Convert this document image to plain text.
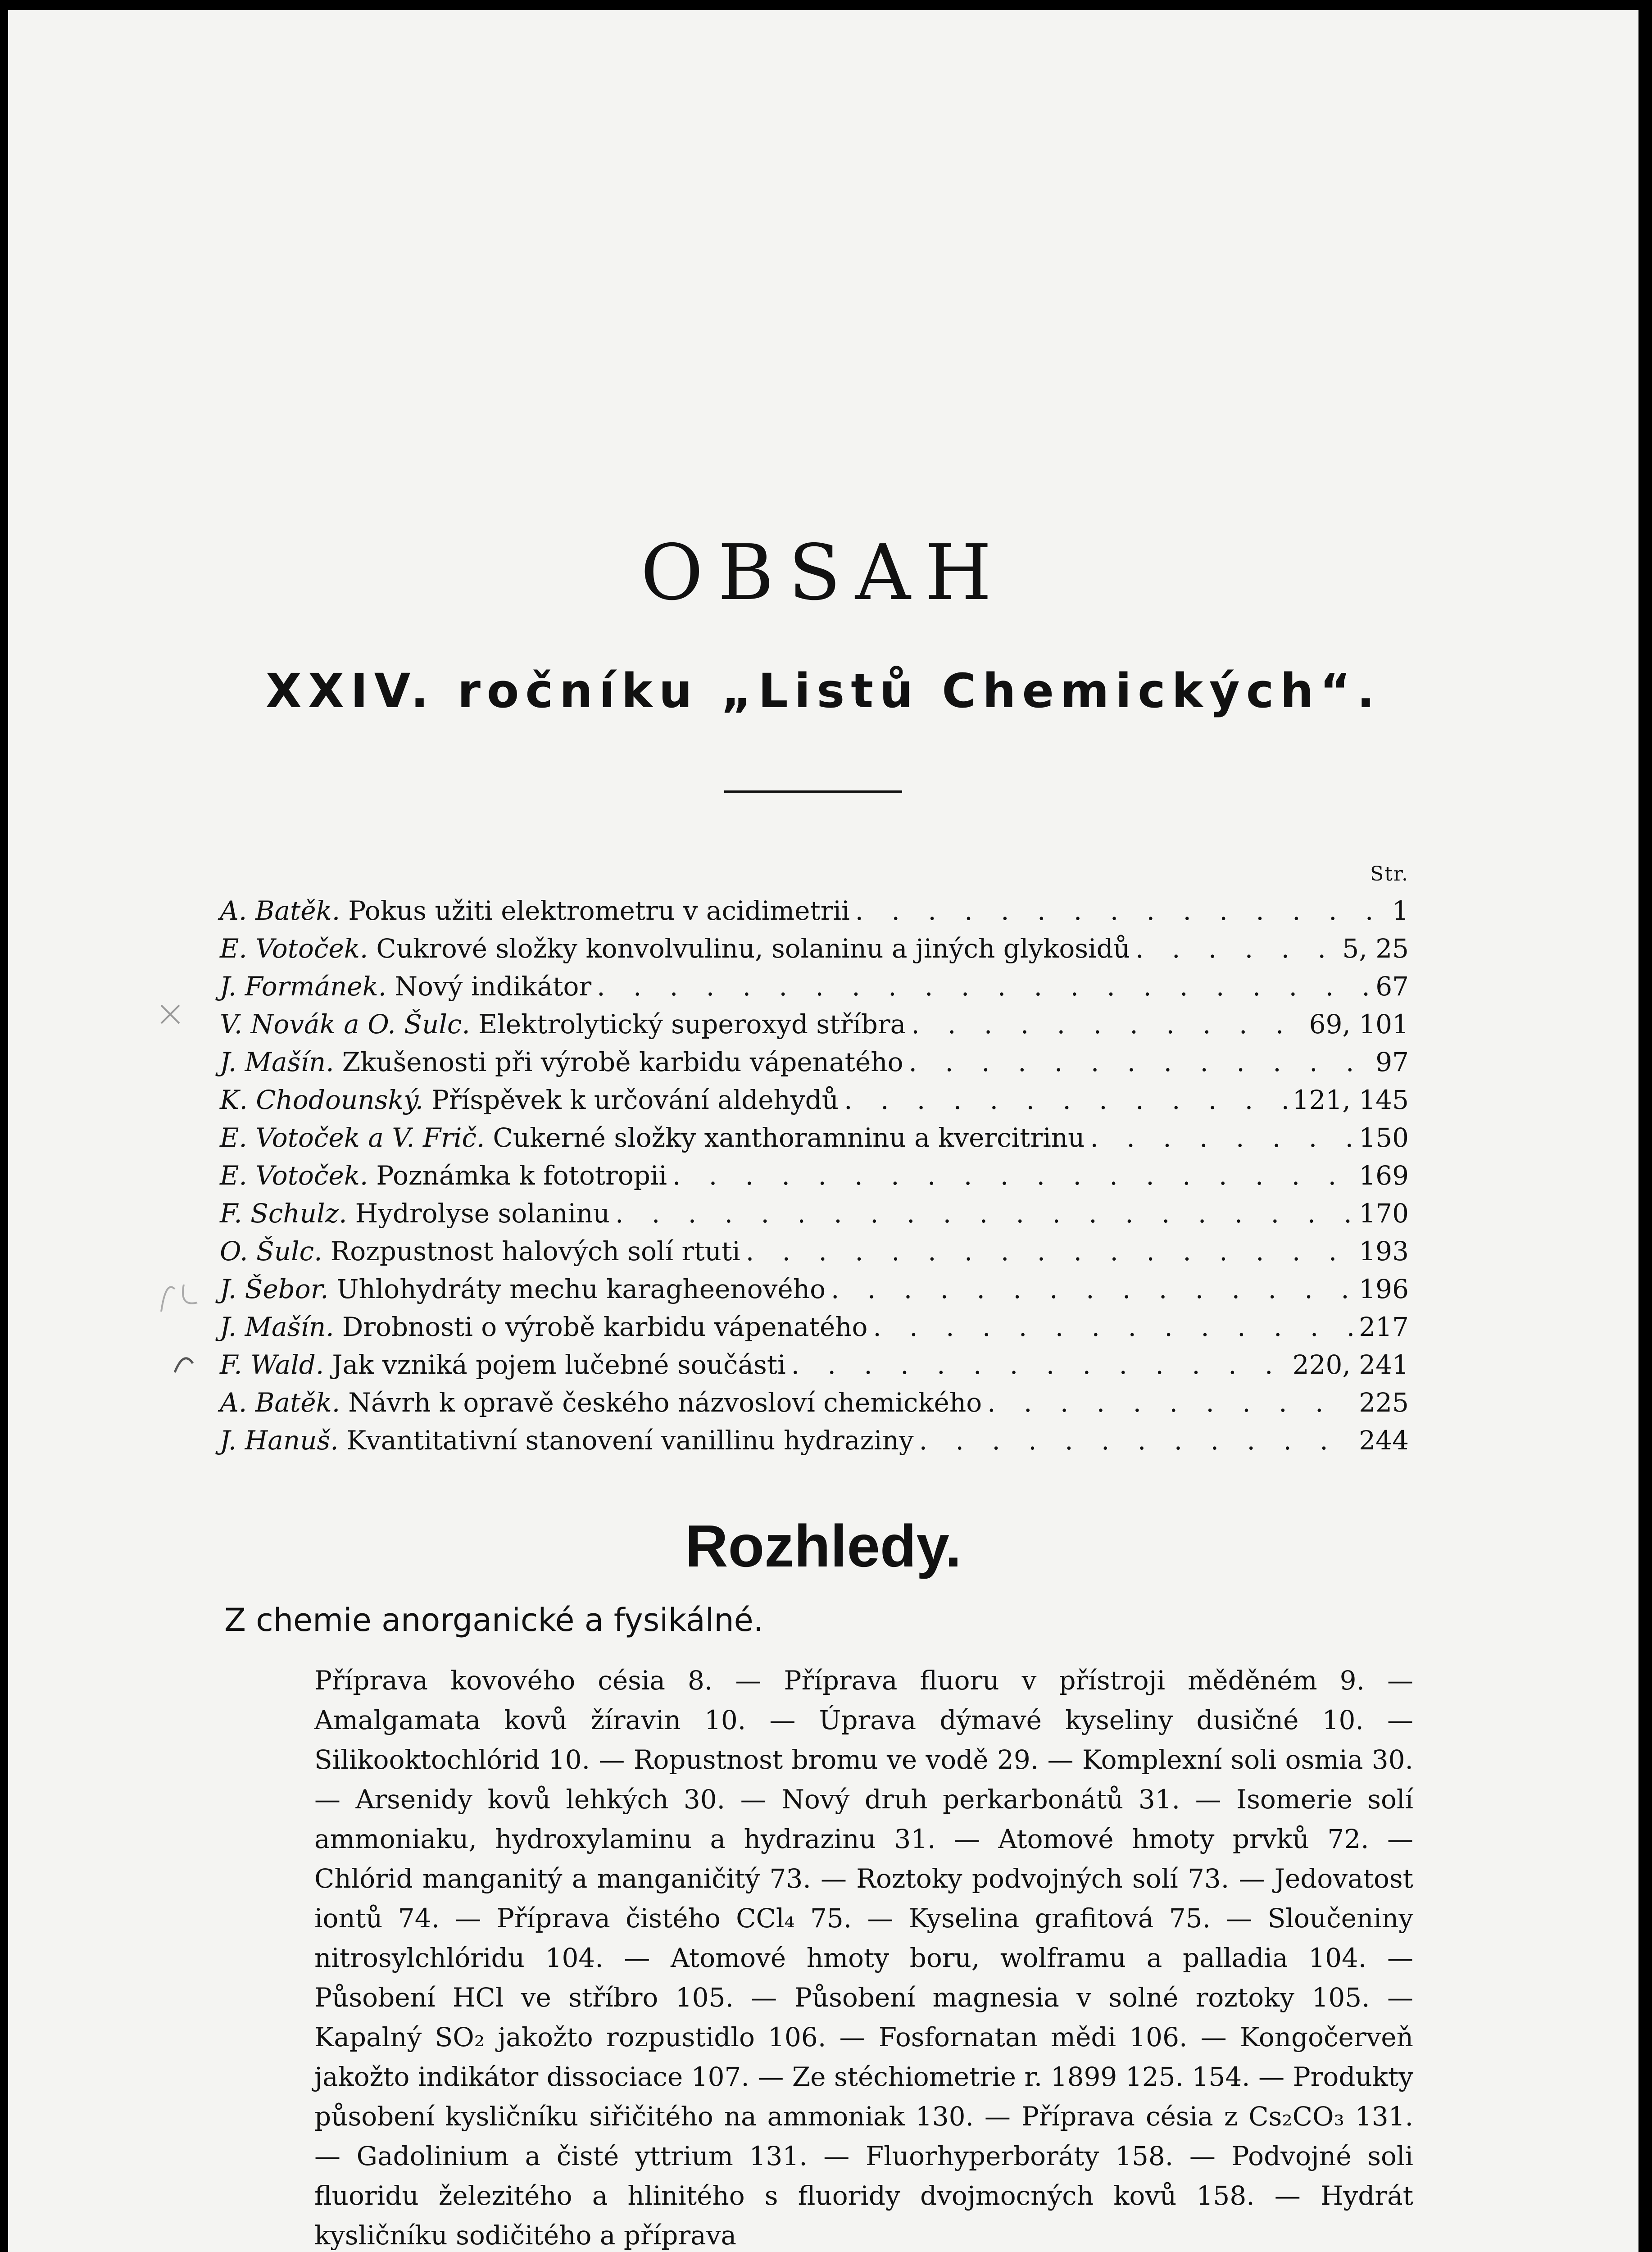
OBSAH
XXIV. ročníku „Listů Chemických“.
Str.
A. Batěk. Pokus užiti elektrometru v acidimetrii . . .	1
E. Votoček. Cukrové složky konvolvulinu, solaninu a jiných glykosidů . . .	5, 25
J. Formánek. Nový indikátor . . .	67
V. Novák a O. Šulc. Elektrolytický superoxyd stříbra . . .	69, 101
J. Mašín. Zkušenosti při výrobě karbidu vápenatého . . .	97
K. Chodounský. Příspěvek k určování aldehydů . . .	121, 145
E. Votoček a V. Frič. Cukerné složky xanthoramninu a kvercitrinu . . .	150
E. Votoček. Poznámka k fototropii . . .	169
F. Schulz. Hydrolyse solaninu . . .	170
O. Šulc. Rozpustnost halových solí rtuti . . .	193
J. Šebor. Uhlohydráty mechu karagheenového . . .	196
J. Mašín. Drobnosti o výrobě karbidu vápenatého . . .	217
F. Wald. Jak vzniká pojem lučebné součásti . . .	220, 241
A. Batěk. Návrh k opravě českého názvosloví chemického . . .	225
J. Hanuš. Kvantitativní stanovení vanillinu hydraziny . . .	244
Rozhledy.
Z chemie anorganické a fysikálné.
Příprava kovového césia 8. — Příprava fluoru v přístroji měděném 9. — Amalgamata kovů žíravin 10. — Úprava dýmavé kyseliny dusičné 10. — Silikooktochlórid 10. — Ropustnost bromu ve vodě 29. — Komplexní soli osmia 30. — Arsenidy kovů lehkých 30. — Nový druh perkarbonátů 31. — Isomerie solí ammoniaku, hydroxylaminu a hydrazinu 31. — Atomové hmoty prvků 72. — Chlórid manganitý a manganičitý 73. — Roztoky podvojných solí 73. — Jedovatost iontů 74. — Příprava čistého CCl₄ 75. — Kyselina grafitová 75. — Sloučeniny nitrosylchlóridu 104. — Atomové hmoty boru, wolframu a palladia 104. — Působení HCl ve stříbro 105. — Působení magnesia v solné roztoky 105. — Kapalný SO₂ jakožto rozpustidlo 106. — Fosfornatan mědi 106. — Kongočerveň jakožto indikátor dissociace 107. — Ze stéchiometrie r. 1899 125. 154. — Produkty působení kysličníku siřičitého na ammoniak 130. — Příprava césia z Cs₂CO₃ 131. — Gadolinium a čisté yttrium 131. — Fluorhyperboráty 158. — Podvojné soli fluoridu železitého a hlinitého s fluoridy dvojmocných kovů 158. — Hydrát kysličníku sodičitého a příprava
